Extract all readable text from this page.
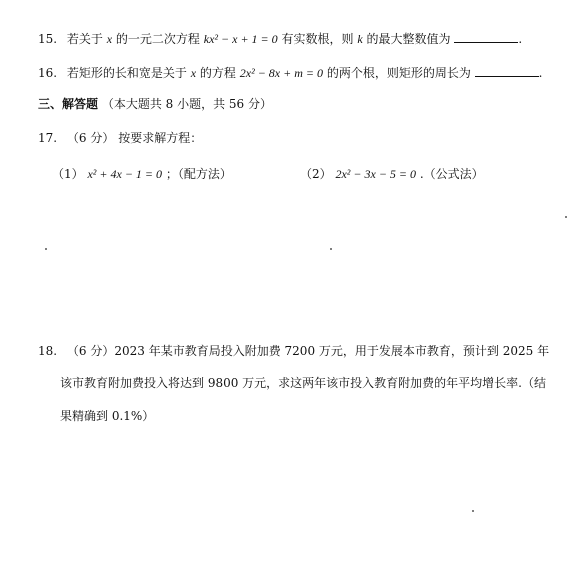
15. 若关于 x 的一元二次方程 kx² − x + 1 = 0 有实数根，则 k 的最大整数值为	.
16. 若矩形的长和宽是关于 x 的方程 2x² − 8x + m = 0 的两个根，则矩形的周长为	.
三、解答题 （本大题共 8 小题，共 56 分）
17. （6 分） 按要求解方程：
（1） x² + 4x − 1 = 0 ；（配方法）	（2） 2x² − 3x − 5 = 0 .（公式法）
18. （6 分）2023 年某市教育局投入附加费 7200 万元，用于发展本市教育，预计到 2025 年
该市教育附加费投入将达到 9800 万元，求这两年该市投入教育附加费的年平均增长率.（结
果精确到 0.1%）
